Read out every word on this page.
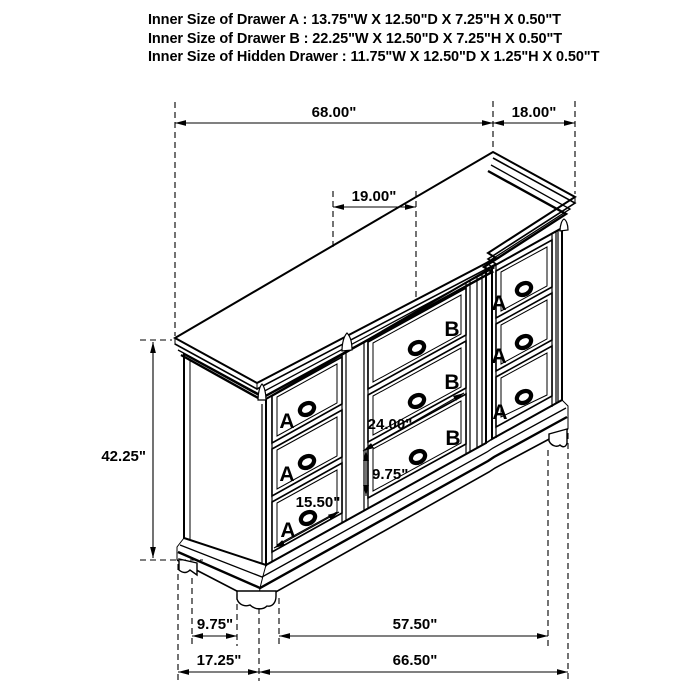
Inner Size of Drawer A : 13.75"W X 12.50"D X 7.25"H X 0.50"T
Inner Size of Drawer B : 22.25"W X 12.50"D X 7.25"H X 0.50"T
Inner Size of Hidden Drawer : 11.75"W X 12.50"D X 1.25"H X 0.50"T
A
A
A
B
B
B
A
A
A
68.00"	18.00"
19.00"
42.25"
24.00"
9.75"
15.50"
9.75"	57.50"
17.25"	66.50"
